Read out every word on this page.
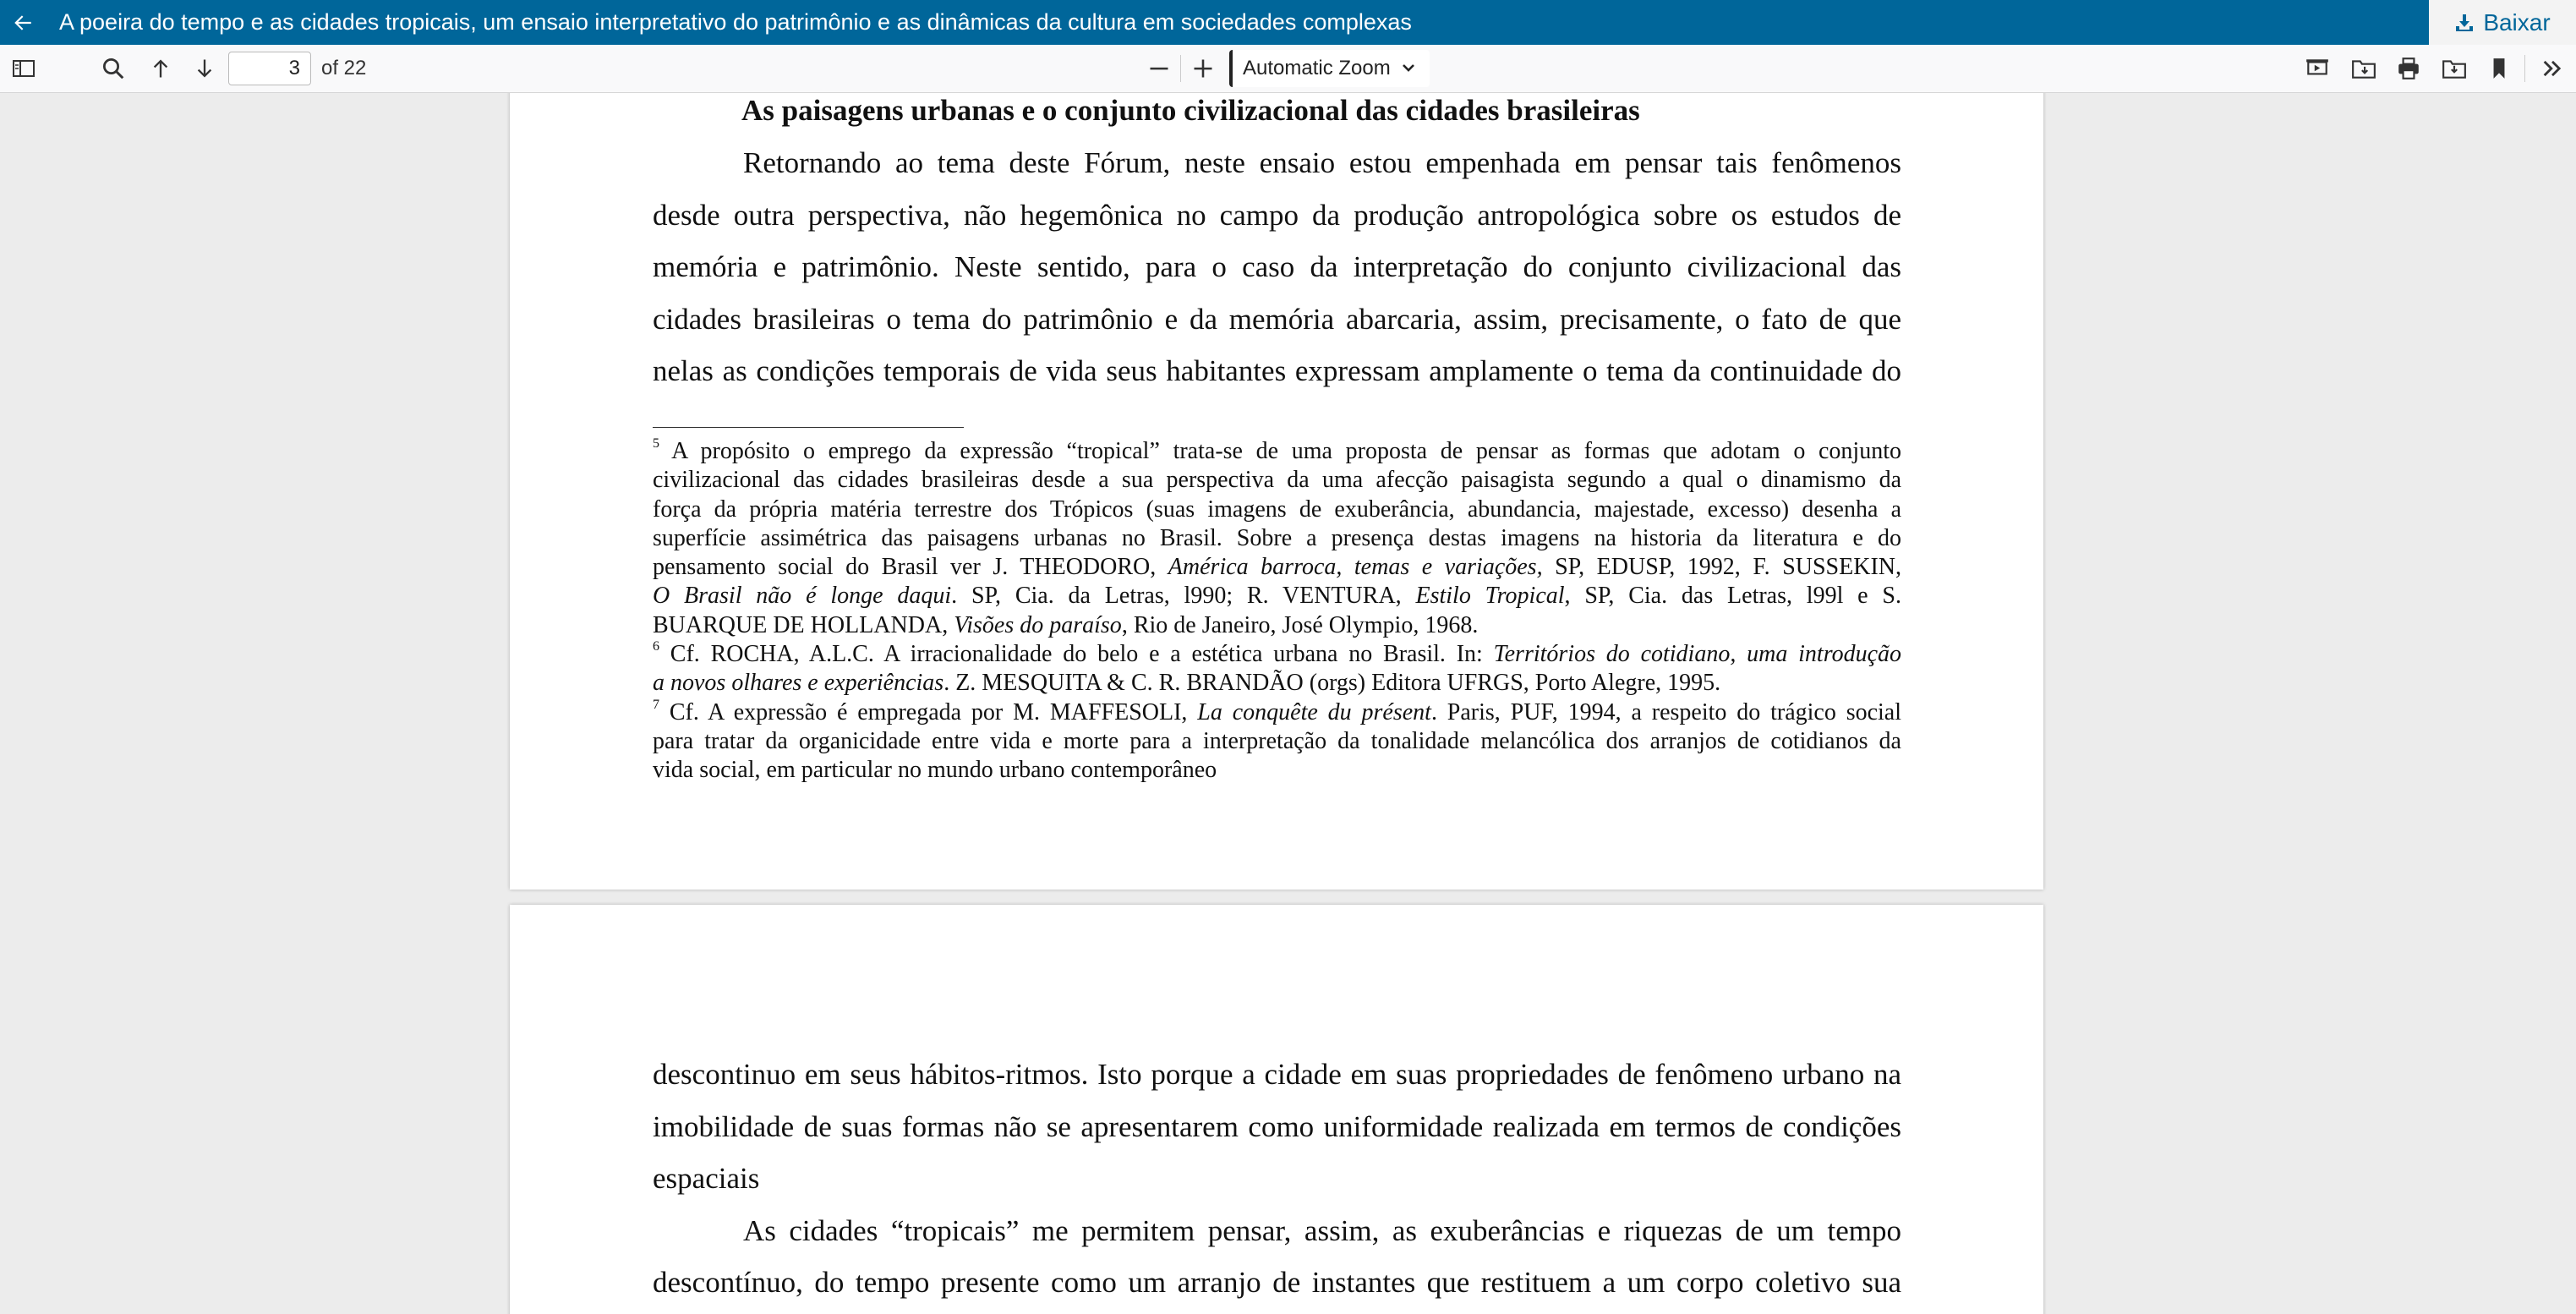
A poeira do tempo e as cidades tropicais, um ensaio interpretativo do patrimônio e as dinâmicas da cultura em sociedades complexas	Baixar
3
of 22	Automatic Zoom
As paisagens urbanas e o conjunto civilizacional das cidades brasileiras
Retornando ao tema deste Fórum, neste ensaio estou empenhada em pensar tais fenômenos
desde outra perspectiva, não hegemônica no campo da produção antropológica sobre os estudos de
memória e patrimônio. Neste sentido, para o caso da interpretação do conjunto civilizacional das
cidades brasileiras o tema do patrimônio e da memória abarcaria, assim, precisamente, o fato de que
nelas as condições temporais de vida seus habitantes expressam amplamente o tema da continuidade do
$^5$ A propósito o emprego da expressão “tropical” trata-se de uma proposta de pensar as formas que adotam o conjunto
civilizacional das cidades brasileiras desde a sua perspectiva da uma afecção paisagista segundo a qual o dinamismo da
força da própria matéria terrestre dos Trópicos (suas imagens de exuberância, abundancia, majestade, excesso) desenha a
superfície assimétrica das paisagens urbanas no Brasil. Sobre a presença destas imagens na historia da literatura e do
pensamento social do Brasil ver J. THEODORO, América barroca, temas e variações, SP, EDUSP, 1992, F. SUSSEKIN,
O Brasil não é longe daqui. SP, Cia. da Letras, l990; R. VENTURA, Estilo Tropical, SP, Cia. das Letras, l99l e S.
BUARQUE DE HOLLANDA, Visões do paraíso, Rio de Janeiro, José Olympio, 1968.
$^6$ Cf. ROCHA, A.L.C. A irracionalidade do belo e a estética urbana no Brasil. In: Territórios do cotidiano, uma introdução
a novos olhares e experiências. Z. MESQUITA & C. R. BRANDÃO (orgs) Editora UFRGS, Porto Alegre, 1995.
$^7$ Cf. A expressão é empregada por M. MAFFESOLI, La conquête du présent. Paris, PUF, 1994, a respeito do trágico social
para tratar da organicidade entre vida e morte para a interpretação da tonalidade melancólica dos arranjos de cotidianos da
vida social, em particular no mundo urbano contemporâneo
descontinuo em seus hábitos-ritmos. Isto porque a cidade em suas propriedades de fenômeno urbano na
imobilidade de suas formas não se apresentarem como uniformidade realizada em termos de condições
espaciais
As cidades “tropicais” me permitem pensar, assim, as exuberâncias e riquezas de um tempo
descontínuo, do tempo presente como um arranjo de instantes que restituem a um corpo coletivo sua
